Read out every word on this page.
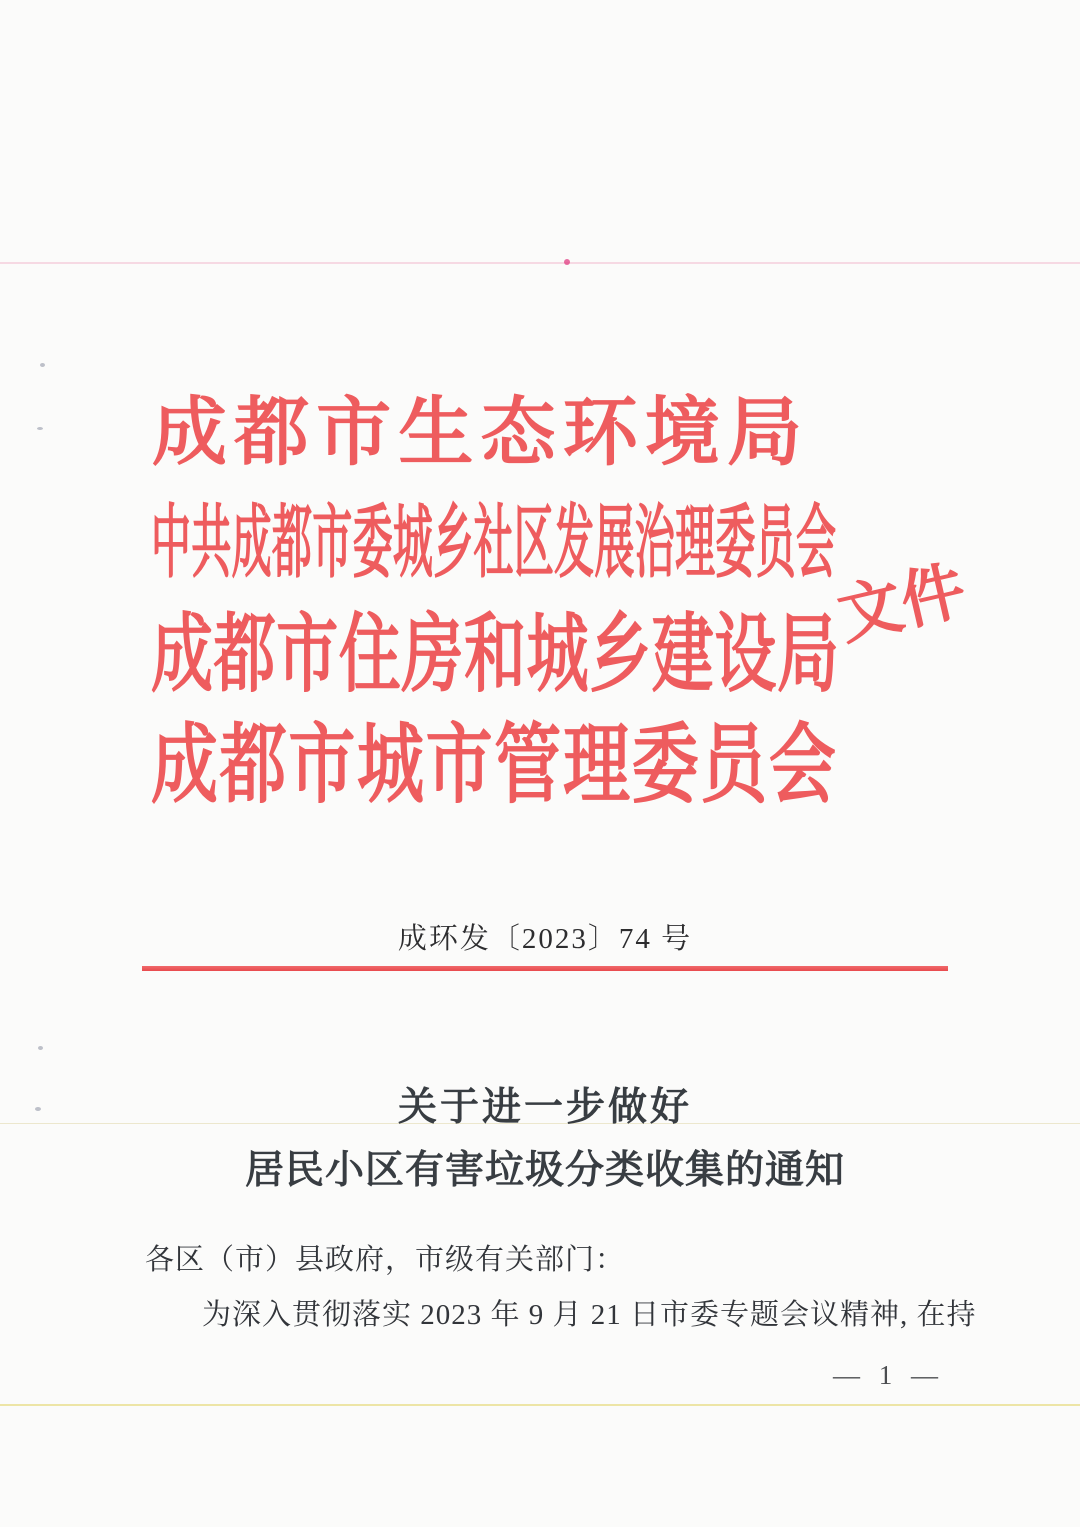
成 都 市 生 态 环 境 局
中 共 成 都 市 委 城 乡 社 区 发 展 治 理 委 员 会
成 都 市 住 房 和 城 乡 建 设 局
成 都 市 城 市 管 理 委 员 会
文件
成环发〔2023〕74 号
关于进一步做好
居民小区有害垃圾分类收集的通知
各区（市）县政府，市级有关部门：
为深入贯彻落实 2023 年 9 月 21 日市委专题会议精神, 在持
— 1 —
